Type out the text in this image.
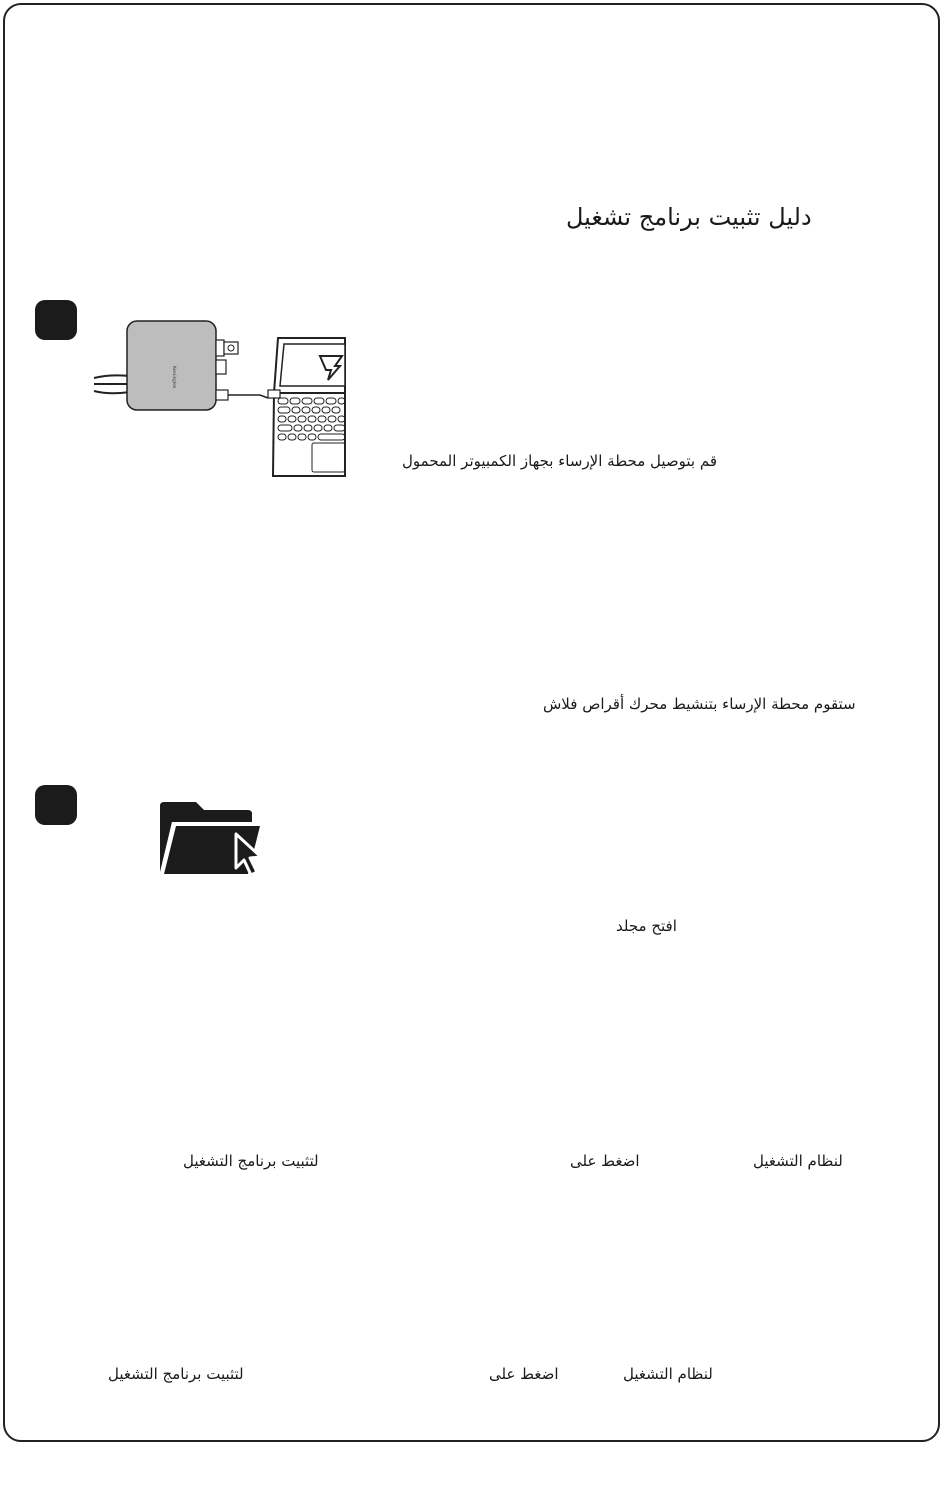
دليل تثبيت برنامج تشغيل
Kensington
قم بتوصيل محطة الإرساء بجهاز الكمبيوتر المحمول
ستقوم محطة الإرساء بتنشيط محرك أقراص فلاش
افتح مجلد
لنظام التشغيل
اضغط على
لتثبيت برنامج التشغيل
لنظام التشغيل
اضغط على
لتثبيت برنامج التشغيل
